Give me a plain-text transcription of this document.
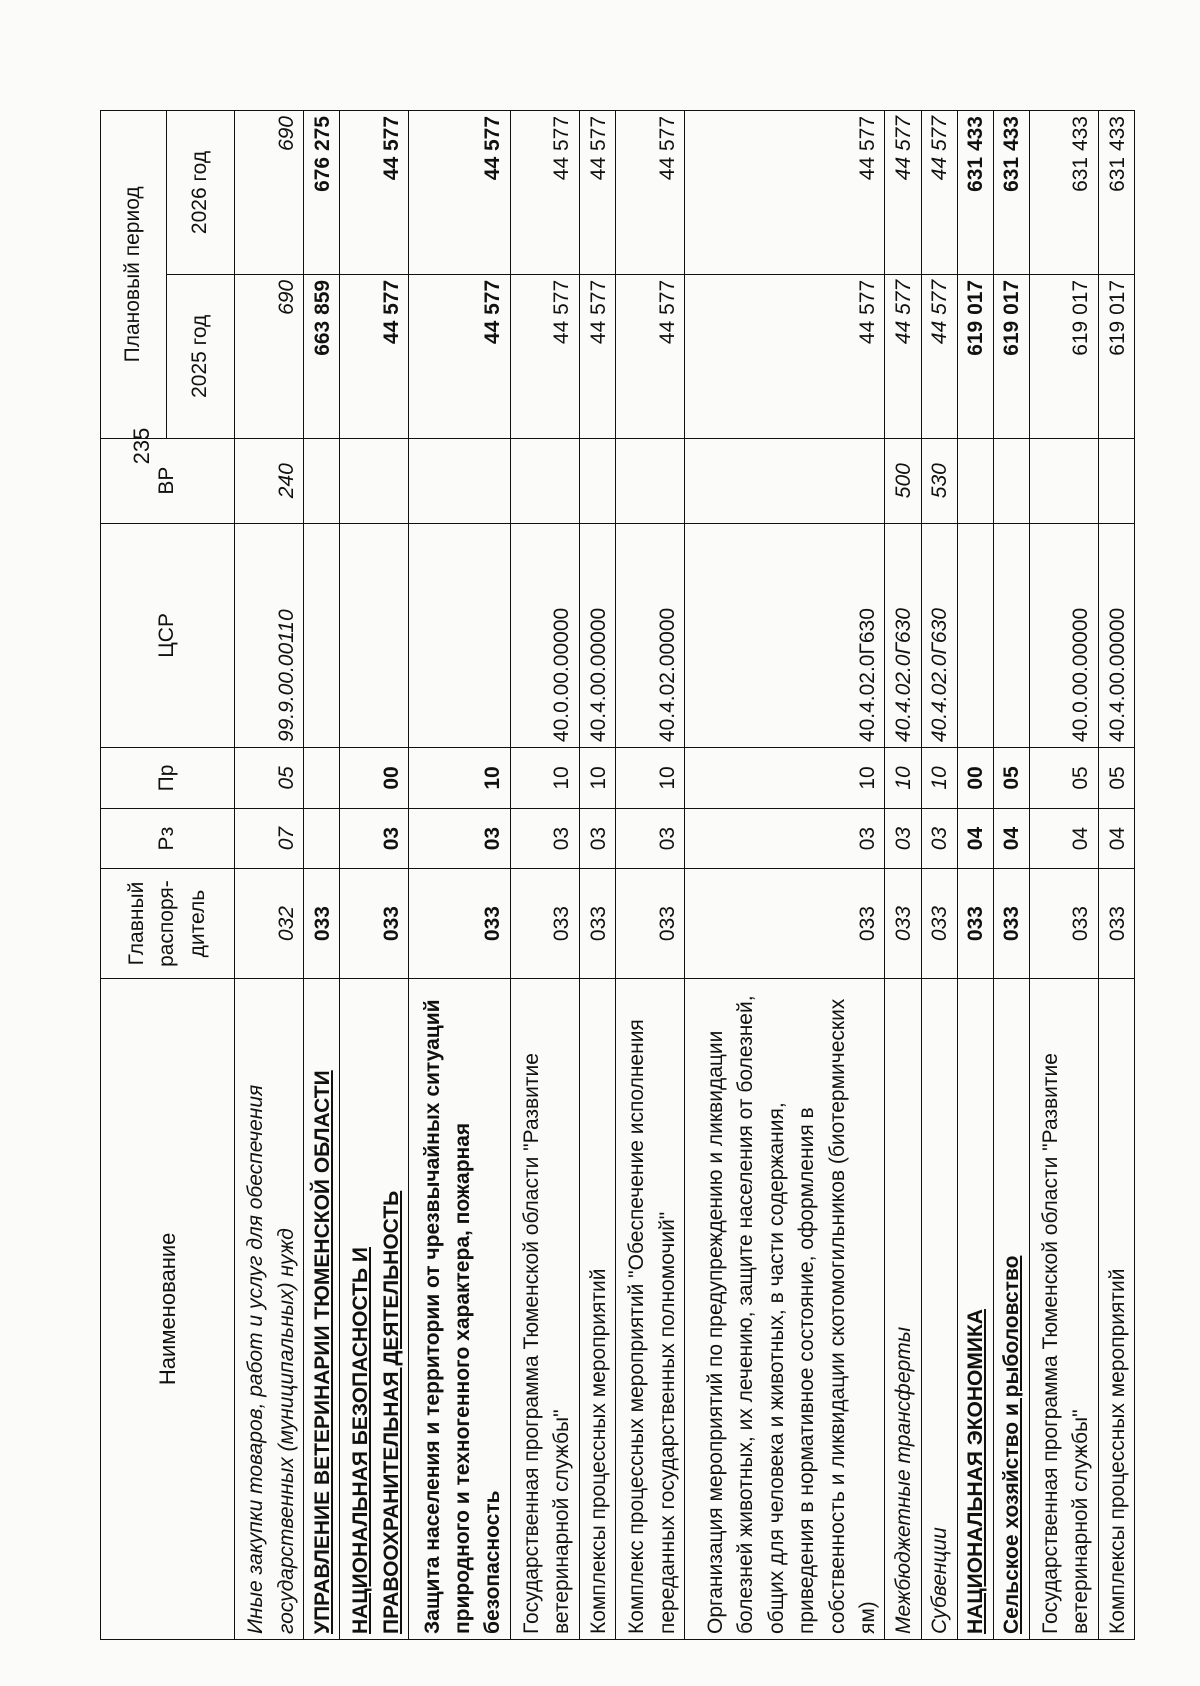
235
Наименование	Главный распоря- дитель	Рз	Пр	ЦСР	ВР	Плановый период	
						2025 год	2026 год
Иные закупки товаров, работ и услуг для обеспечения государственных (муниципальных) нужд	032	07	05	99.9.00.00110	240	690	690
УПРАВЛЕНИЕ ВЕТЕРИНАРИИ ТЮМЕНСКОЙ ОБЛАСТИ	033					663 859	676 275
НАЦИОНАЛЬНАЯ БЕЗОПАСНОСТЬ И ПРАВООХРАНИТЕЛЬНАЯ ДЕЯТЕЛЬНОСТЬ	033	03	00			44 577	44 577
Защита населения и территории от чрезвычайных ситуаций природного и техногенного характера, пожарная безопасность	033	03	10			44 577	44 577
Государственная программа Тюменской области "Развитие ветеринарной службы"	033	03	10	40.0.00.00000		44 577	44 577
Комплексы процессных мероприятий	033	03	10	40.4.00.00000		44 577	44 577
Комплекс процессных мероприятий "Обеспечение исполнения переданных государственных полномочий"	033	03	10	40.4.02.00000		44 577	44 577
Организация мероприятий по предупреждению и ликвидации болезней животных, их лечению, защите населения от болезней, общих для человека и животных, в части содержания, приведения в нормативное состояние, оформления в собственность и ликвидации скотомогильников (биотермических ям)	033	03	10	40.4.02.0Г630		44 577	44 577
Межбюджетные трансферты	033	03	10	40.4.02.0Г630	500	44 577	44 577
Субвенции	033	03	10	40.4.02.0Г630	530	44 577	44 577
НАЦИОНАЛЬНАЯ ЭКОНОМИКА	033	04	00			619 017	631 433
Сельское хозяйство и рыболовство	033	04	05			619 017	631 433
Государственная программа Тюменской области "Развитие ветеринарной службы"	033	04	05	40.0.00.00000		619 017	631 433
Комплексы процессных мероприятий	033	04	05	40.4.00.00000		619 017	631 433
